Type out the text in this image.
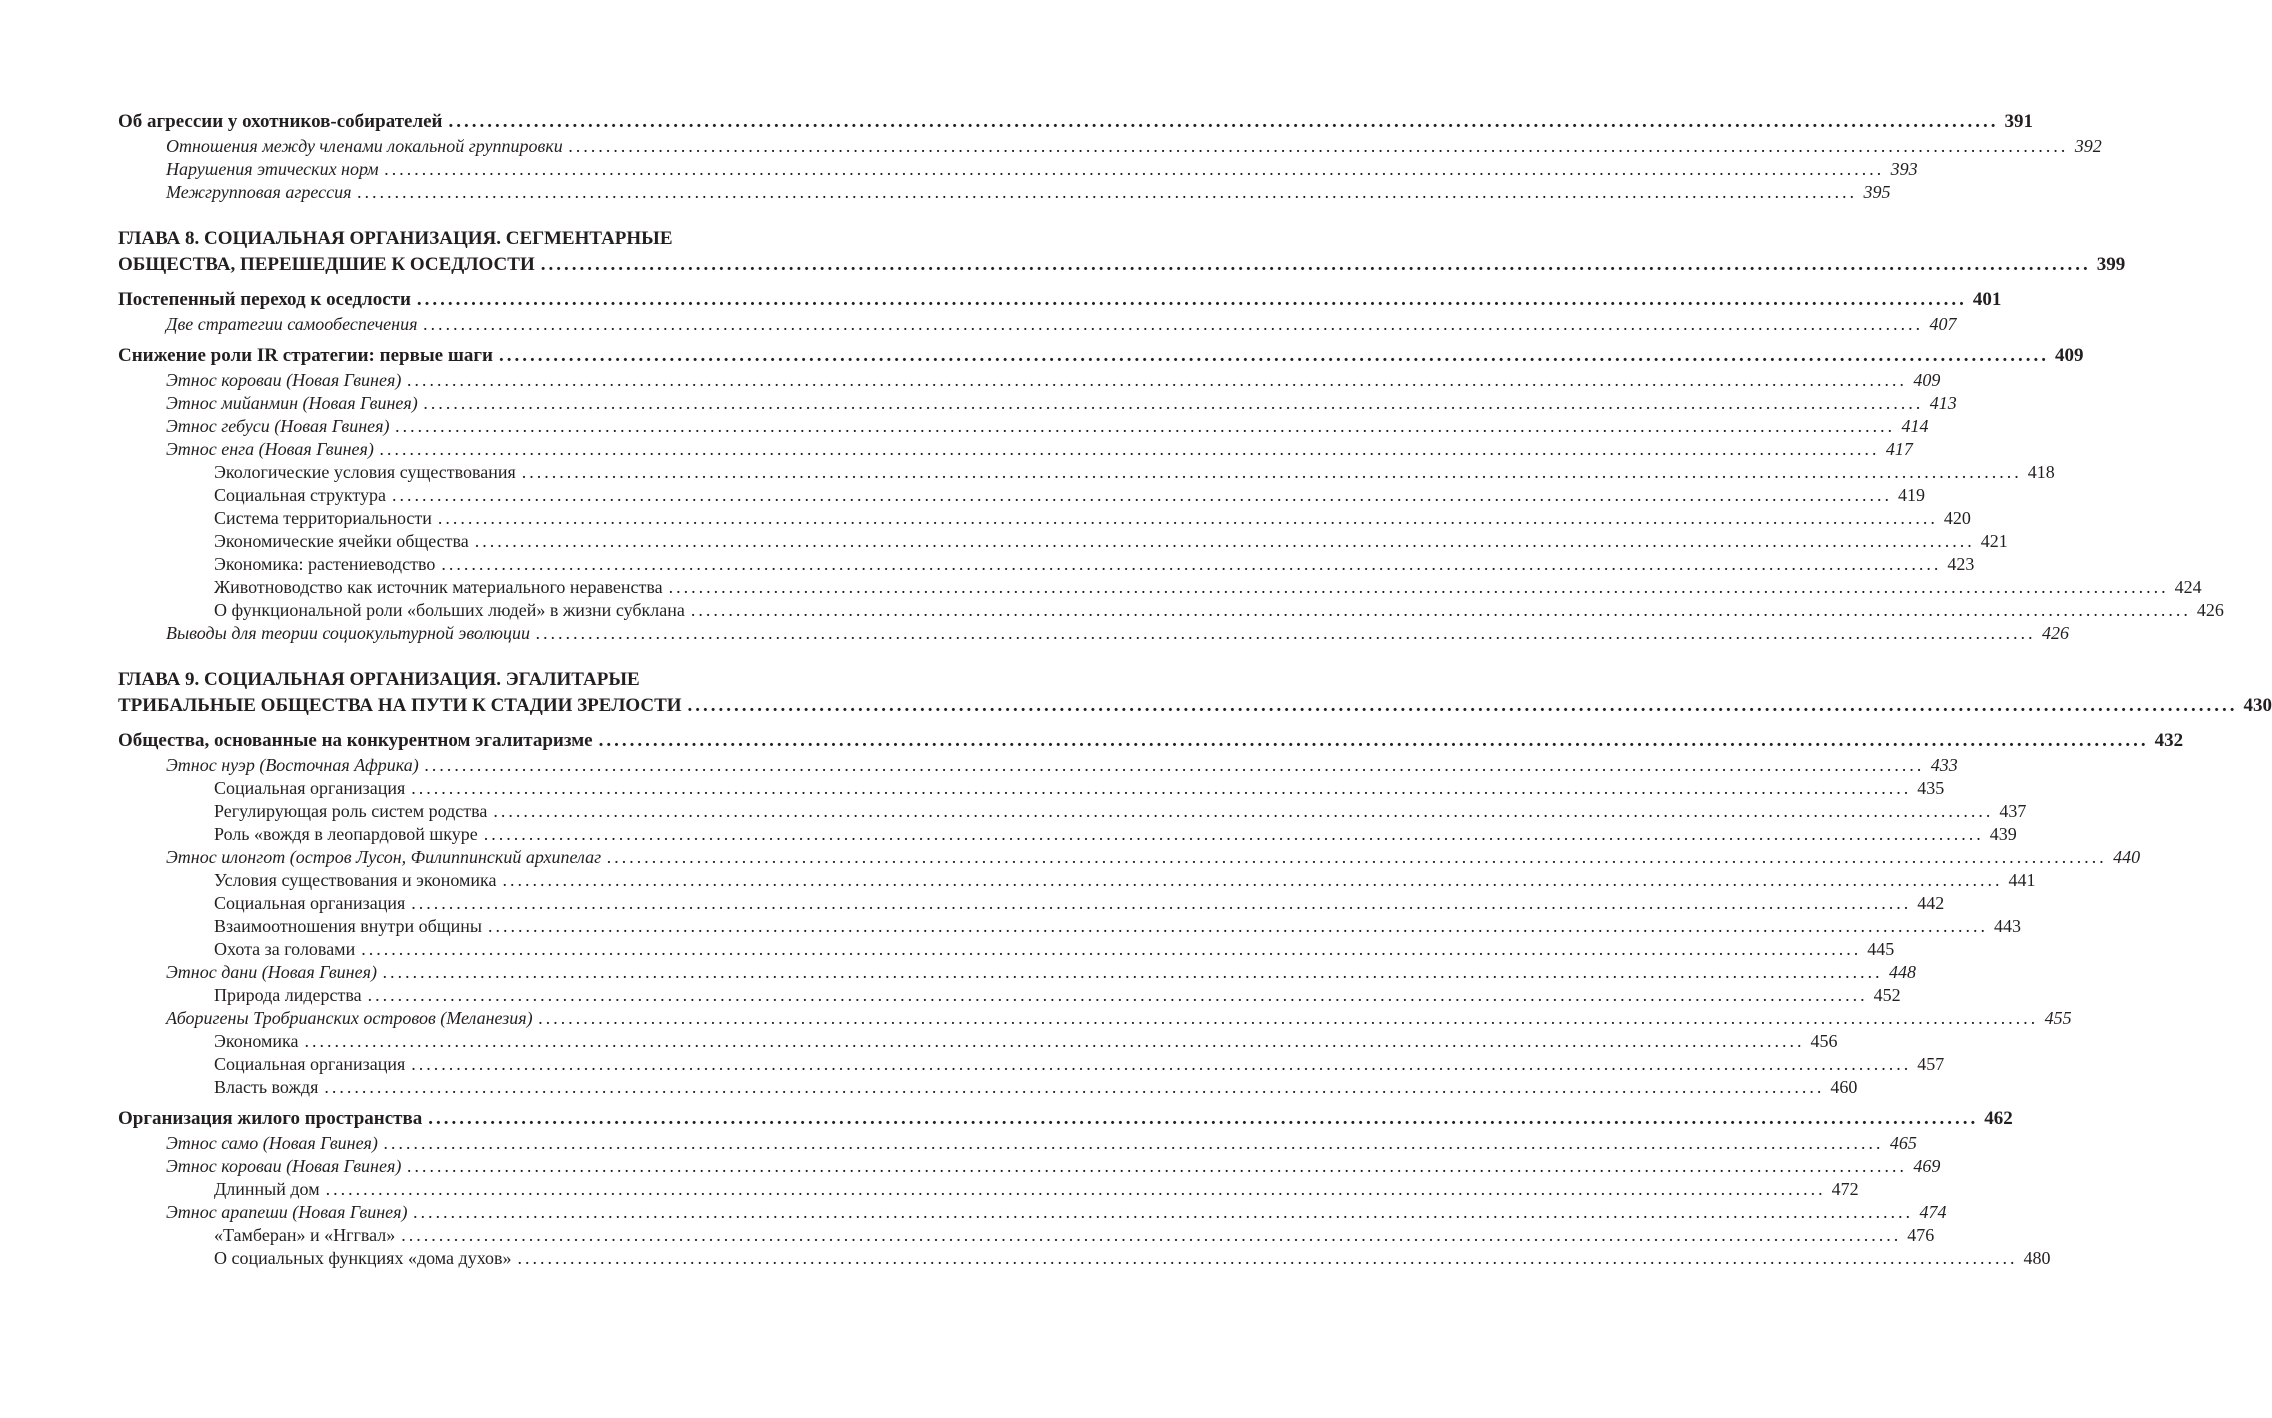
Об агрессии у охотников-собирателей ........................................................................................................................................................................................................ 391
Отношения между членами локальной группировки ........................................................................................................................................................................................................ 392
Нарушения этических норм ........................................................................................................................................................................................................ 393
Межгрупповая агрессия ........................................................................................................................................................................................................ 395
ГЛАВА 8. СОЦИАЛЬНАЯ ОРГАНИЗАЦИЯ. СЕГМЕНТАРНЫЕ
ОБЩЕСТВА, ПЕРЕШЕДШИЕ К ОСЕДЛОСТИ ........................................................................................................................................................................................................ 399
Постепенный переход к оседлости ........................................................................................................................................................................................................ 401
Две стратегии самообеспечения ........................................................................................................................................................................................................ 407
Снижение роли IR стратегии: первые шаги ........................................................................................................................................................................................................ 409
Этнос короваи (Новая Гвинея) ........................................................................................................................................................................................................ 409
Этнос мийанмин (Новая Гвинея) ........................................................................................................................................................................................................ 413
Этнос гебуси (Новая Гвинея) ........................................................................................................................................................................................................ 414
Этнос енга (Новая Гвинея) ........................................................................................................................................................................................................ 417
Экологические условия существования ........................................................................................................................................................................................................ 418
Социальная структура ........................................................................................................................................................................................................ 419
Система территориальности ........................................................................................................................................................................................................ 420
Экономические ячейки общества ........................................................................................................................................................................................................ 421
Экономика: растениеводство ........................................................................................................................................................................................................ 423
Животноводство как источник материального неравенства ........................................................................................................................................................................................................ 424
О функциональной роли «больших людей» в жизни субклана ........................................................................................................................................................................................................ 426
Выводы для теории социокультурной эволюции ........................................................................................................................................................................................................ 426
ГЛАВА 9. СОЦИАЛЬНАЯ ОРГАНИЗАЦИЯ. ЭГАЛИТАРЫЕ
ТРИБАЛЬНЫЕ ОБЩЕСТВА НА ПУТИ К СТАДИИ ЗРЕЛОСТИ ........................................................................................................................................................................................................ 430
Общества, основанные на конкурентном эгалитаризме ........................................................................................................................................................................................................ 432
Этнос нуэр (Восточная Африка) ........................................................................................................................................................................................................ 433
Социальная организация ........................................................................................................................................................................................................ 435
Регулирующая роль систем родства ........................................................................................................................................................................................................ 437
Роль «вождя в леопардовой шкуре ........................................................................................................................................................................................................ 439
Этнос илонгот (остров Лусон, Филиппинский архипелаг ........................................................................................................................................................................................................ 440
Условия существования и экономика ........................................................................................................................................................................................................ 441
Социальная организация ........................................................................................................................................................................................................ 442
Взаимоотношения внутри общины ........................................................................................................................................................................................................ 443
Охота за головами ........................................................................................................................................................................................................ 445
Этнос дани (Новая Гвинея) ........................................................................................................................................................................................................ 448
Природа лидерства ........................................................................................................................................................................................................ 452
Аборигены Тробрианских островов (Меланезия) ........................................................................................................................................................................................................ 455
Экономика ........................................................................................................................................................................................................ 456
Социальная организация ........................................................................................................................................................................................................ 457
Власть вождя ........................................................................................................................................................................................................ 460
Организация жилого пространства ........................................................................................................................................................................................................ 462
Этнос само (Новая Гвинея) ........................................................................................................................................................................................................ 465
Этнос короваи (Новая Гвинея) ........................................................................................................................................................................................................ 469
Длинный дом ........................................................................................................................................................................................................ 472
Этнос арапеши (Новая Гвинея) ........................................................................................................................................................................................................ 474
«Тамберан» и «Нггвал» ........................................................................................................................................................................................................ 476
О социальных функциях «дома духов» ........................................................................................................................................................................................................ 480
